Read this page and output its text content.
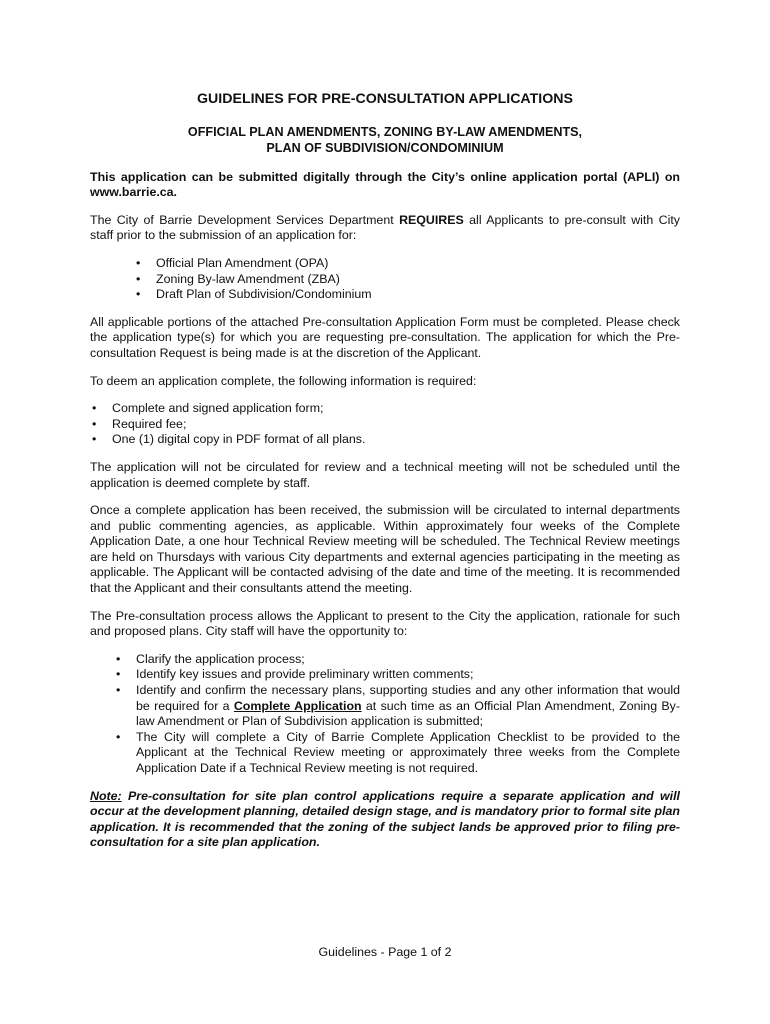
GUIDELINES FOR PRE-CONSULTATION APPLICATIONS
OFFICIAL PLAN AMENDMENTS, ZONING BY-LAW AMENDMENTS,
PLAN OF SUBDIVISION/CONDOMINIUM

This application can be submitted digitally through the City’s online application portal (APLI) on www.barrie.ca.

The City of Barrie Development Services Department REQUIRES all Applicants to pre-consult with City staff prior to the submission of an application for:

• Official Plan Amendment (OPA)
• Zoning By-law Amendment (ZBA)
• Draft Plan of Subdivision/Condominium

All applicable portions of the attached Pre-consultation Application Form must be completed. Please check the application type(s) for which you are requesting pre-consultation. The application for which the Pre-consultation Request is being made is at the discretion of the Applicant.

To deem an application complete, the following information is required:

• Complete and signed application form;
• Required fee;
• One (1) digital copy in PDF format of all plans.

The application will not be circulated for review and a technical meeting will not be scheduled until the application is deemed complete by staff.

Once a complete application has been received, the submission will be circulated to internal departments and public commenting agencies, as applicable. Within approximately four weeks of the Complete Application Date, a one hour Technical Review meeting will be scheduled. The Technical Review meetings are held on Thursdays with various City departments and external agencies participating in the meeting as applicable. The Applicant will be contacted advising of the date and time of the meeting. It is recommended that the Applicant and their consultants attend the meeting.

The Pre-consultation process allows the Applicant to present to the City the application, rationale for such and proposed plans. City staff will have the opportunity to:

• Clarify the application process;
• Identify key issues and provide preliminary written comments;
• Identify and confirm the necessary plans, supporting studies and any other information that would be required for a Complete Application at such time as an Official Plan Amendment, Zoning By-law Amendment or Plan of Subdivision application is submitted;
• The City will complete a City of Barrie Complete Application Checklist to be provided to the Applicant at the Technical Review meeting or approximately three weeks from the Complete Application Date if a Technical Review meeting is not required.

Note: Pre-consultation for site plan control applications require a separate application and will occur at the development planning, detailed design stage, and is mandatory prior to formal site plan application. It is recommended that the zoning of the subject lands be approved prior to filing pre-consultation for a site plan application.

Guidelines - Page 1 of 2
